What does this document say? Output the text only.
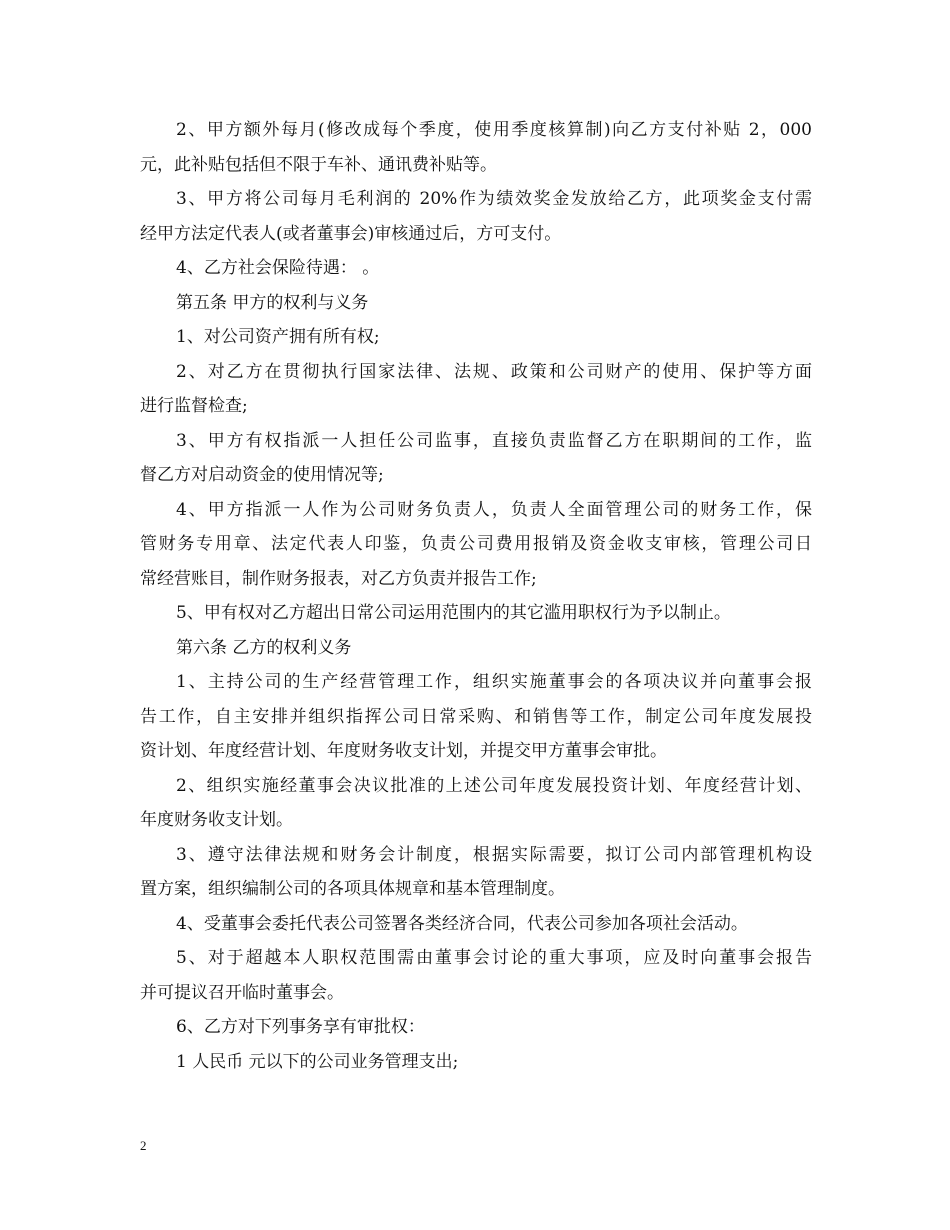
2、甲方额外每月(修改成每个季度，使用季度核算制)向乙方支付补贴 2，000
元，此补贴包括但不限于车补、通讯费补贴等。
3、甲方将公司每月毛利润的 20%作为绩效奖金发放给乙方，此项奖金支付需
经甲方法定代表人(或者董事会)审核通过后，方可支付。
4、乙方社会保险待遇： 。
第五条 甲方的权利与义务
1、对公司资产拥有所有权;
2、对乙方在贯彻执行国家法律、法规、政策和公司财产的使用、保护等方面
进行监督检查;
3、甲方有权指派一人担任公司监事，直接负责监督乙方在职期间的工作，监
督乙方对启动资金的使用情况等;
4、甲方指派一人作为公司财务负责人，负责人全面管理公司的财务工作，保
管财务专用章、法定代表人印鉴，负责公司费用报销及资金收支审核，管理公司日
常经营账目，制作财务报表，对乙方负责并报告工作;
5、甲有权对乙方超出日常公司运用范围内的其它滥用职权行为予以制止。
第六条 乙方的权利义务
1、主持公司的生产经营管理工作，组织实施董事会的各项决议并向董事会报
告工作，自主安排并组织指挥公司日常采购、和销售等工作，制定公司年度发展投
资计划、年度经营计划、年度财务收支计划，并提交甲方董事会审批。
2、组织实施经董事会决议批准的上述公司年度发展投资计划、年度经营计划、
年度财务收支计划。
3、遵守法律法规和财务会计制度，根据实际需要，拟订公司内部管理机构设
置方案，组织编制公司的各项具体规章和基本管理制度。
4、受董事会委托代表公司签署各类经济合同，代表公司参加各项社会活动。
5、对于超越本人职权范围需由董事会讨论的重大事项，应及时向董事会报告
并可提议召开临时董事会。
6、乙方对下列事务享有审批权：
1 人民币 元以下的公司业务管理支出;
2
